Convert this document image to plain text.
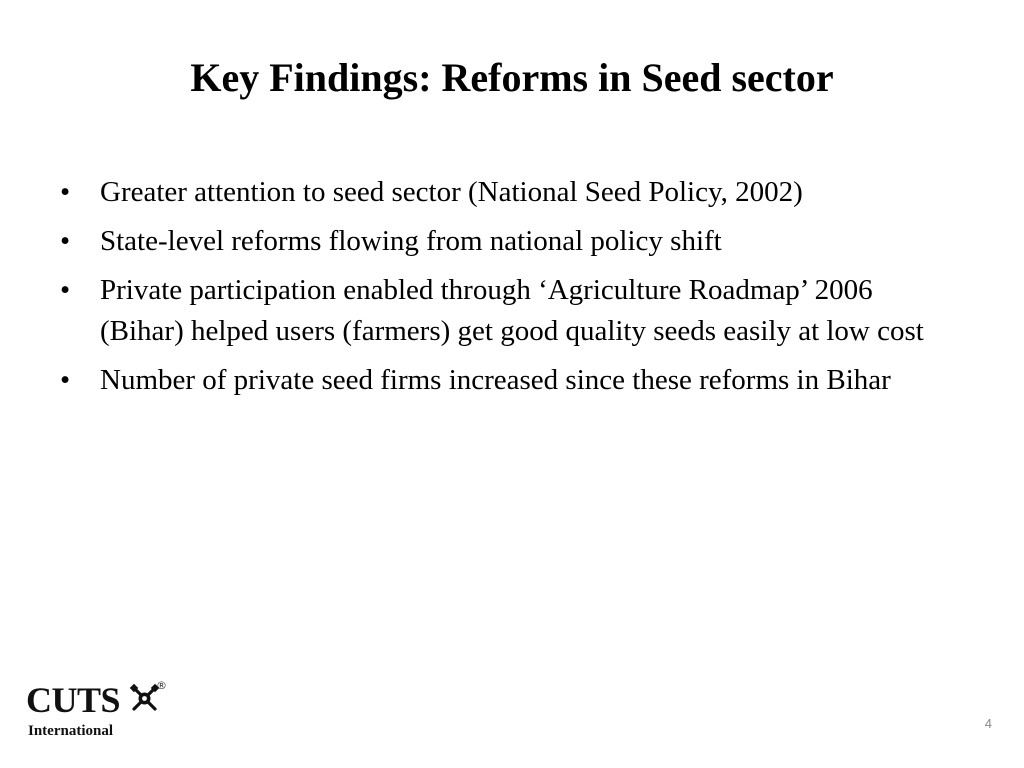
Key Findings: Reforms in Seed sector
• Greater attention to seed sector (National Seed Policy, 2002)
• State-level reforms flowing from national policy shift
• Private participation enabled through ‘Agriculture Roadmap’ 2006 (Bihar) helped users (farmers) get good quality seeds easily at low cost
• Number of private seed firms increased since these reforms in Bihar
CUTS	®
International	4
